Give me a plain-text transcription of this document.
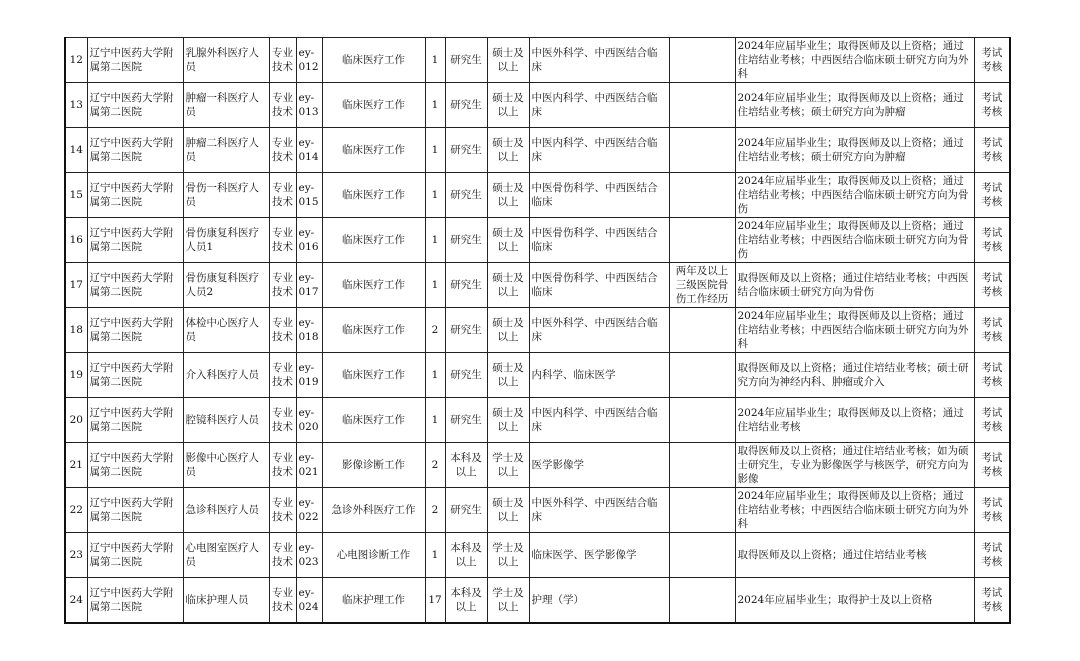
12	辽宁中医药大学附属第二医院	乳腺外科医疗人员	专业技术	ey-012	临床医疗工作	1	研究生	硕士及以上	中医外科学、中西医结合临床		2024年应届毕业生；取得医师及以上资格；通过住培结业考核；中西医结合临床硕士研究方向为外科	考试考核
13	辽宁中医药大学附属第二医院	肿瘤一科医疗人员	专业技术	ey-013	临床医疗工作	1	研究生	硕士及以上	中医内科学、中西医结合临床		2024年应届毕业生；取得医师及以上资格；通过住培结业考核；硕士研究方向为肿瘤	考试考核
14	辽宁中医药大学附属第二医院	肿瘤二科医疗人员	专业技术	ey-014	临床医疗工作	1	研究生	硕士及以上	中医内科学、中西医结合临床		2024年应届毕业生；取得医师及以上资格；通过住培结业考核；硕士研究方向为肿瘤	考试考核
15	辽宁中医药大学附属第二医院	骨伤一科医疗人员	专业技术	ey-015	临床医疗工作	1	研究生	硕士及以上	中医骨伤科学、中西医结合临床		2024年应届毕业生；取得医师及以上资格；通过住培结业考核；中西医结合临床硕士研究方向为骨伤	考试考核
16	辽宁中医药大学附属第二医院	骨伤康复科医疗人员1	专业技术	ey-016	临床医疗工作	1	研究生	硕士及以上	中医骨伤科学、中西医结合临床		2024年应届毕业生；取得医师及以上资格；通过住培结业考核；中西医结合临床硕士研究方向为骨伤	考试考核
17	辽宁中医药大学附属第二医院	骨伤康复科医疗人员2	专业技术	ey-017	临床医疗工作	1	研究生	硕士及以上	中医骨伤科学、中西医结合临床	两年及以上三级医院骨伤工作经历	取得医师及以上资格；通过住培结业考核；中西医结合临床硕士研究方向为骨伤	考试考核
18	辽宁中医药大学附属第二医院	体检中心医疗人员	专业技术	ey-018	临床医疗工作	2	研究生	硕士及以上	中医外科学、中西医结合临床		2024年应届毕业生；取得医师及以上资格；通过住培结业考核；中西医结合临床硕士研究方向为外科	考试考核
19	辽宁中医药大学附属第二医院	介入科医疗人员	专业技术	ey-019	临床医疗工作	1	研究生	硕士及以上	内科学、临床医学		取得医师及以上资格；通过住培结业考核；硕士研究方向为神经内科、肿瘤或介入	考试考核
20	辽宁中医药大学附属第二医院	腔镜科医疗人员	专业技术	ey-020	临床医疗工作	1	研究生	硕士及以上	中医内科学、中西医结合临床		2024年应届毕业生；取得医师及以上资格；通过住培结业考核	考试考核
21	辽宁中医药大学附属第二医院	影像中心医疗人员	专业技术	ey-021	影像诊断工作	2	本科及以上	学士及以上	医学影像学		取得医师及以上资格；通过住培结业考核；如为硕士研究生，专业为影像医学与核医学，研究方向为影像	考试考核
22	辽宁中医药大学附属第二医院	急诊科医疗人员	专业技术	ey-022	急诊外科医疗工作	2	研究生	硕士及以上	中医外科学、中西医结合临床		2024年应届毕业生；取得医师及以上资格；通过住培结业考核；中西医结合临床硕士研究方向为外科	考试考核
23	辽宁中医药大学附属第二医院	心电图室医疗人员	专业技术	ey-023	心电图诊断工作	1	本科及以上	学士及以上	临床医学、医学影像学		取得医师及以上资格；通过住培结业考核	考试考核
24	辽宁中医药大学附属第二医院	临床护理人员	专业技术	ey-024	临床护理工作	17	本科及以上	学士及以上	护理（学）		2024年应届毕业生；取得护士及以上资格	考试考核
